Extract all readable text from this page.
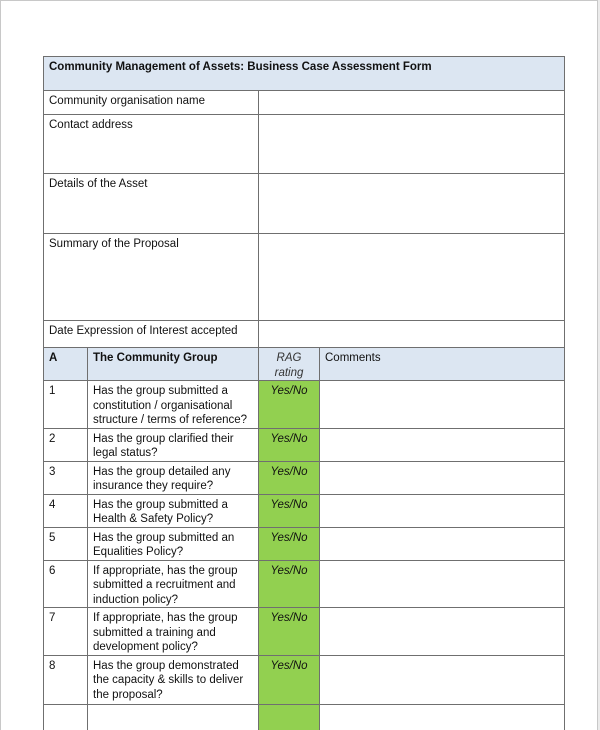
Community Management of Assets: Business Case Assessment Form			
Community organisation name			
Contact address			
Details of the Asset			
Summary of the Proposal			
Date Expression of Interest accepted			
A	The Community Group	RAG rating	Comments
1	Has the group submitted a constitution / organisational structure / terms of reference?	Yes/No	
2	Has the group clarified their legal status?	Yes/No	
3	Has the group detailed any insurance they require?	Yes/No	
4	Has the group submitted a Health & Safety Policy?	Yes/No	
5	Has the group submitted an Equalities Policy?	Yes/No	
6	If appropriate, has the group submitted a recruitment and induction policy?	Yes/No	
7	If appropriate, has the group submitted a training and development policy?	Yes/No	
8	Has the group demonstrated the capacity & skills to deliver the proposal?	Yes/No	
